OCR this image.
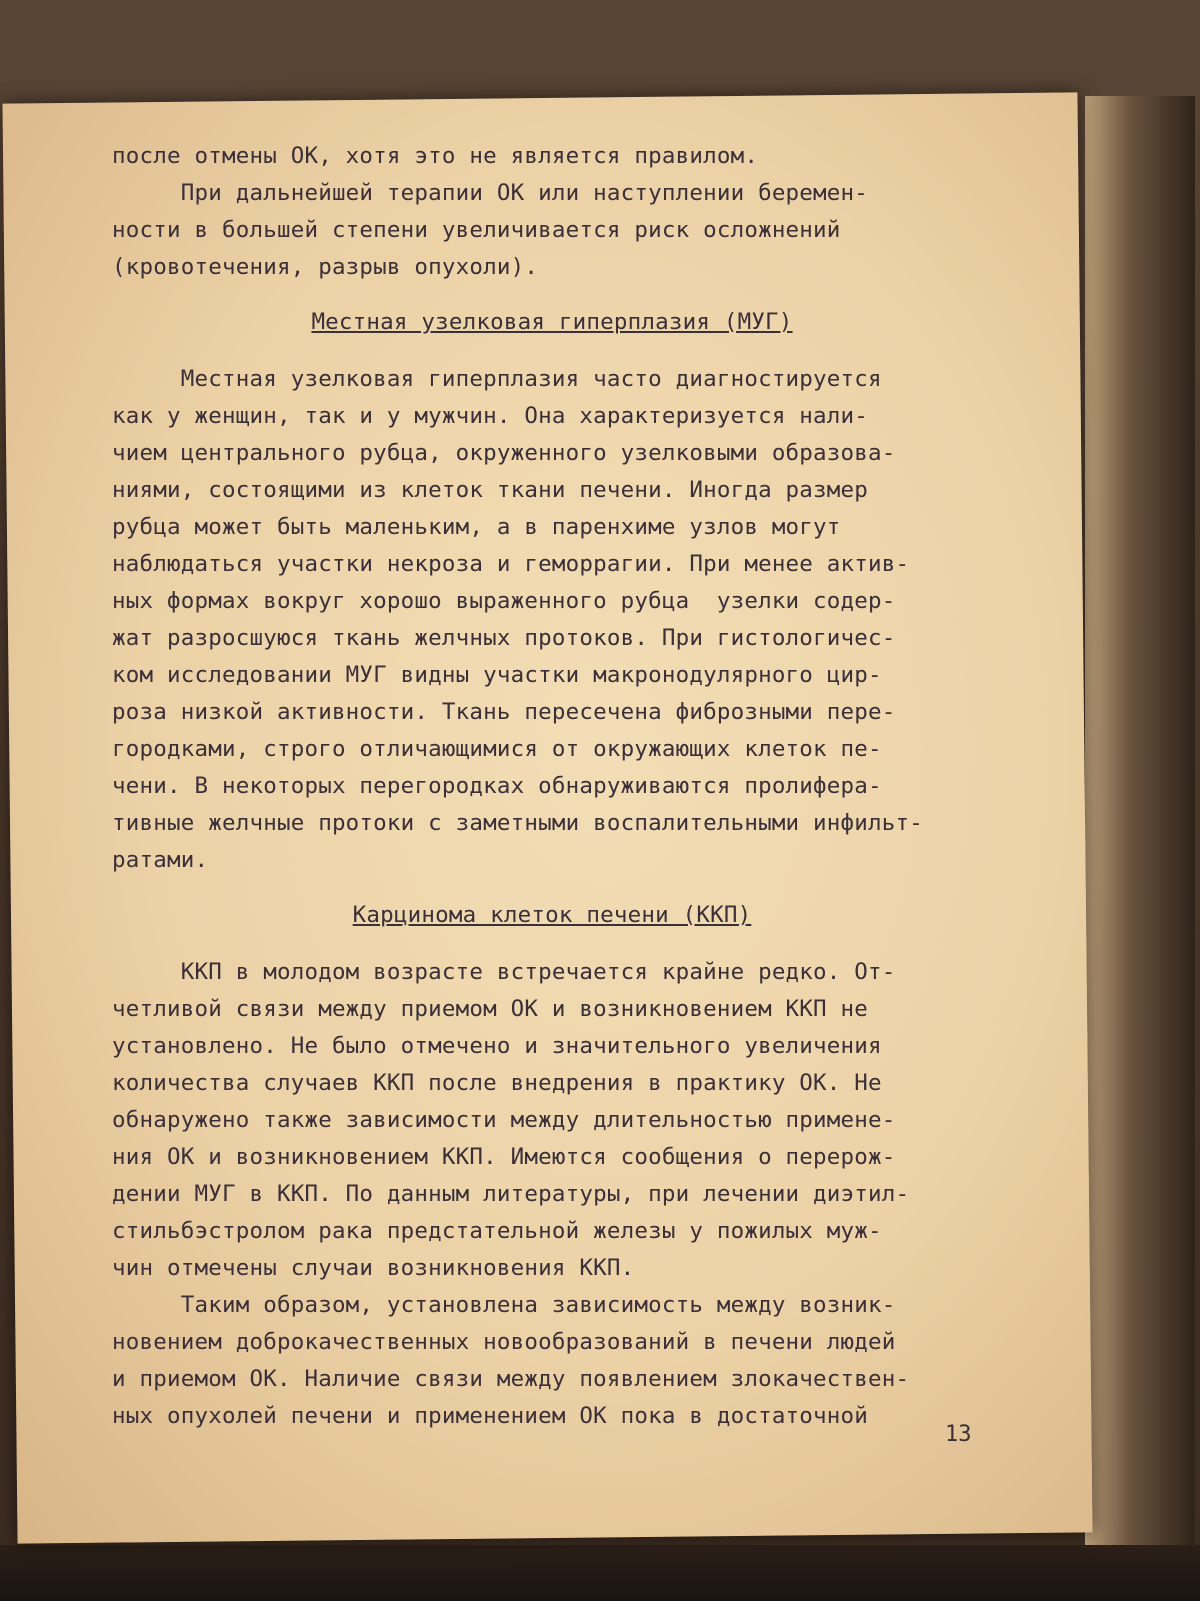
после отмены ОК, хотя это не является правилом.
При дальнейшей терапии ОК или наступлении беремен-
ности в большей степени увеличивается риск осложнений
(кровотечения, разрыв опухоли).
Местная узелковая гиперплазия (МУГ)
Местная узелковая гиперплазия часто диагностируется
как у женщин, так и у мужчин. Она характеризуется нали-
чием центрального рубца, окруженного узелковыми образова-
ниями, состоящими из клеток ткани печени. Иногда размер
рубца может быть маленьким, а в паренхиме узлов могут
наблюдаться участки некроза и геморрагии. При менее актив-
ных формах вокруг хорошо выраженного рубца  узелки содер-
жат разросшуюся ткань желчных протоков. При гистологичес-
ком исследовании МУГ видны участки макронодулярного цир-
роза низкой активности. Ткань пересечена фиброзными пере-
городками, строго отличающимися от окружающих клеток пе-
чени. В некоторых перегородках обнаруживаются пролифера-
тивные желчные протоки с заметными воспалительными инфильт-
ратами.
Карцинома клеток печени (ККП)
ККП в молодом возрасте встречается крайне редко. От-
четливой связи между приемом ОК и возникновением ККП не
установлено. Не было отмечено и значительного увеличения
количества случаев ККП после внедрения в практику ОК. Не
обнаружено также зависимости между длительностью примене-
ния ОК и возникновением ККП. Имеются сообщения о перерож-
дении МУГ в ККП. По данным литературы, при лечении диэтил-
стильбэстролом рака предстательной железы у пожилых муж-
чин отмечены случаи возникновения ККП.
Таким образом, установлена зависимость между возник-
новением доброкачественных новообразований в печени людей
и приемом ОК. Наличие связи между появлением злокачествен-
ных опухолей печени и применением ОК пока в достаточной
13
